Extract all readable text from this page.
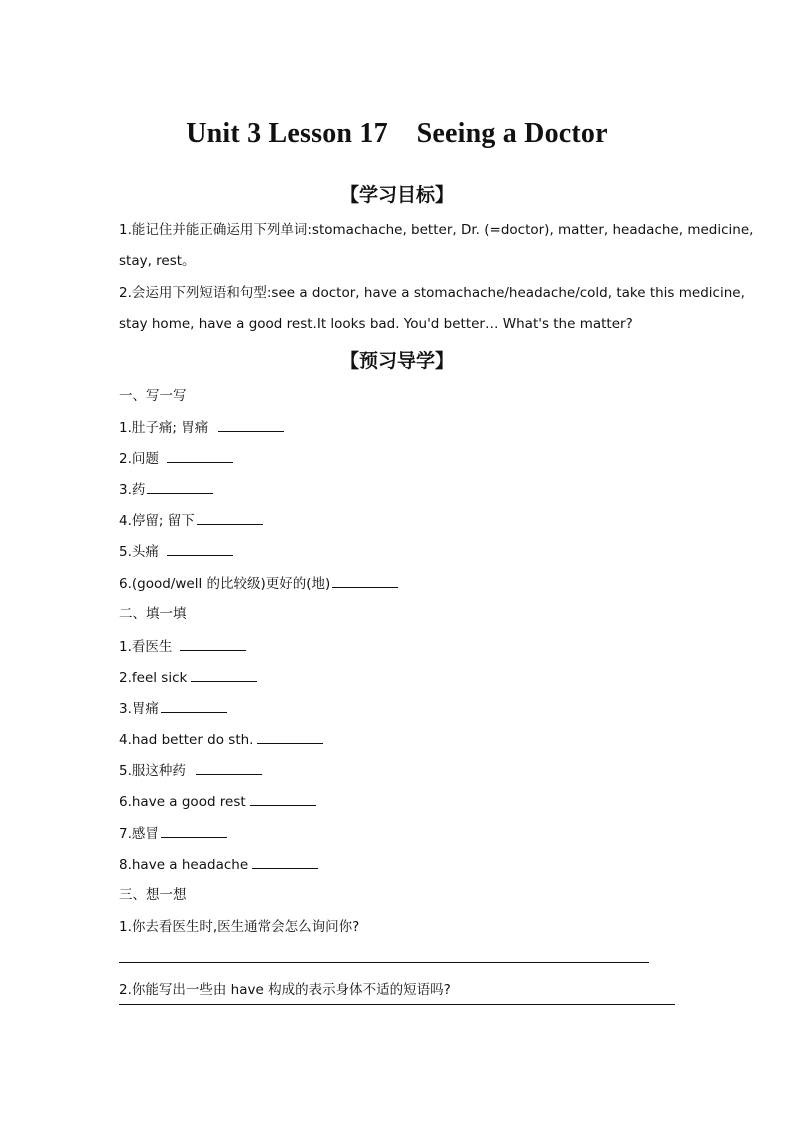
Unit 3 Lesson 17    Seeing a Doctor
【学习目标】
1.能记住并能正确运用下列单词:stomachache, better, Dr. (=doctor), matter, headache, medicine,
stay, rest。
2.会运用下列短语和句型:see a doctor, have a stomachache/headache/cold, take this medicine,
stay home, have a good rest.It looks bad. You'd better… What's the matter?
【预习导学】
一、写一写
1.肚子痛; 胃痛
2.问题
3.药
4.停留; 留下
5.头痛
6.(good/well 的比较级)更好的(地)
二、填一填
1.看医生
2.feel sick
3.胃痛
4.had better do sth.
5.服这种药
6.have a good rest
7.感冒
8.have a headache
三、想一想
1.你去看医生时,医生通常会怎么询问你?
2.你能写出一些由 have 构成的表示身体不适的短语吗?
